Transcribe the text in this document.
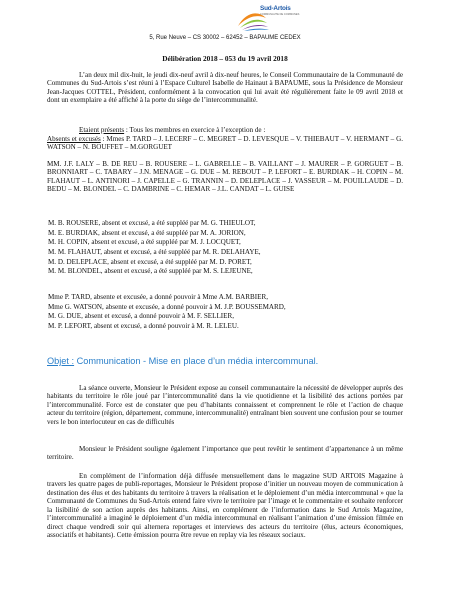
Sud-Artois
COMMUNAUTE DE COMMUNES
5, Rue Neuve – CS 30002 – 62452 – BAPAUME CEDEX
Délibération 2018 – 053 du 19 avril 2018
L’an deux mil dix-huit, le jeudi dix-neuf avril à dix-neuf heures, le Conseil Communautaire de la Communauté de Communes du Sud-Artois s’est réuni à l’Espace Culturel Isabelle de Hainaut à BAPAUME, sous la Présidence de Monsieur Jean-Jacques COTTEL, Président, conformément à la convocation qui lui avait été régulièrement faite le 09 avril 2018 et dont un exemplaire a été affiché à la porte du siège de l’intercommunalité.
Etaient présents : Tous les membres en exercice à l’exception de :
Absents et excusés : Mmes P. TARD – J. LECERF – C. MEGRET – D. LEVESQUE – V. THIEBAUT – V. HERMANT – G. WATSON – N. BOUFFET – M.GORGUET
MM. J.F. LALY – B. DE REU – B. ROUSERE – L. GABRELLE – B. VAILLANT – J. MAURER – P. GORGUET – B. BRONNIART – C. TABARY – J.N. MENAGE – G. DUE – M. REBOUT – P. LEFORT – E. BURDIAK – H. COPIN – M. FLAHAUT – L. ANTINORI – J. CAPELLE – G. TRANNIN – D. DELEPLACE – J. VASSEUR – M. POUILLAUDE – D. BEDU – M. BLONDEL – C. DAMBRINE – C. HEMAR – J.L. CANDAT – L. GUISE
M. B. ROUSERE, absent et excusé, a été suppléé par M. G. THIEULOT,
M. E. BURDIAK, absent et excusé, a été suppléé par M. A. JORION,
M. H. COPIN, absent et excusé, a été suppléé par M. J. LOCQUET,
M. M. FLAHAUT, absent et excusé, a été suppléé par M. R. DELAHAYE,
M. D. DELEPLACE, absent et excusé, a été suppléé par M. D. PORET,
M. M. BLONDEL, absent et excusé, a été suppléé par M. S. LEJEUNE,
Mme P. TARD, absente et excusée, a donné pouvoir à Mme A.M. BARBIER,
Mme G. WATSON, absente et excusée, a donné pouvoir à M. J.P. BOUSSEMARD,
M. G. DUE, absent et excusé, a donné pouvoir à M. F. SELLIER,
M. P. LEFORT, absent et excusé, a donné pouvoir à M. R. LELEU.
Objet : Communication - Mise en place d’un média intercommunal.
La séance ouverte, Monsieur le Président expose au conseil communautaire la nécessité de développer auprès des habitants du territoire le rôle joué par l’intercommunalité dans la vie quotidienne et la lisibilité des actions portées par l’intercommunalité. Force est de constater que peu d’habitants connaissent et comprennent le rôle et l’action de chaque acteur du territoire (région, département, commune, intercommunalité) entraînant bien souvent une confusion pour se tourner vers le bon interlocuteur en cas de difficultés
Monsieur le Président souligne également l’importance que peut revêtir le sentiment d’appartenance à un même territoire.
En complément de l’information déjà diffusée mensuellement dans le magazine SUD ARTOIS Magazine à travers les quatre pages de publi-reportages, Monsieur le Président propose d’initier un nouveau moyen de communication à destination des élus et des habitants du territoire à travers la réalisation et le déploiement d’un média intercommunal » que la Communauté de Communes du Sud-Artois entend faire vivre le territoire par l’image et le commentaire et souhaite renforcer la lisibilité de son action auprès des habitants. Ainsi, en complément de l’information dans le Sud Artois Magazine, l’intercommunalité a imaginé le déploiement d’un média intercommunal en réalisant l’animation d’une émission filmée en direct chaque vendredi soir qui alternera reportages et interviews des acteurs du territoire (élus, acteurs économiques, associatifs et habitants). Cette émission pourra être revue en replay via les réseaux sociaux.
